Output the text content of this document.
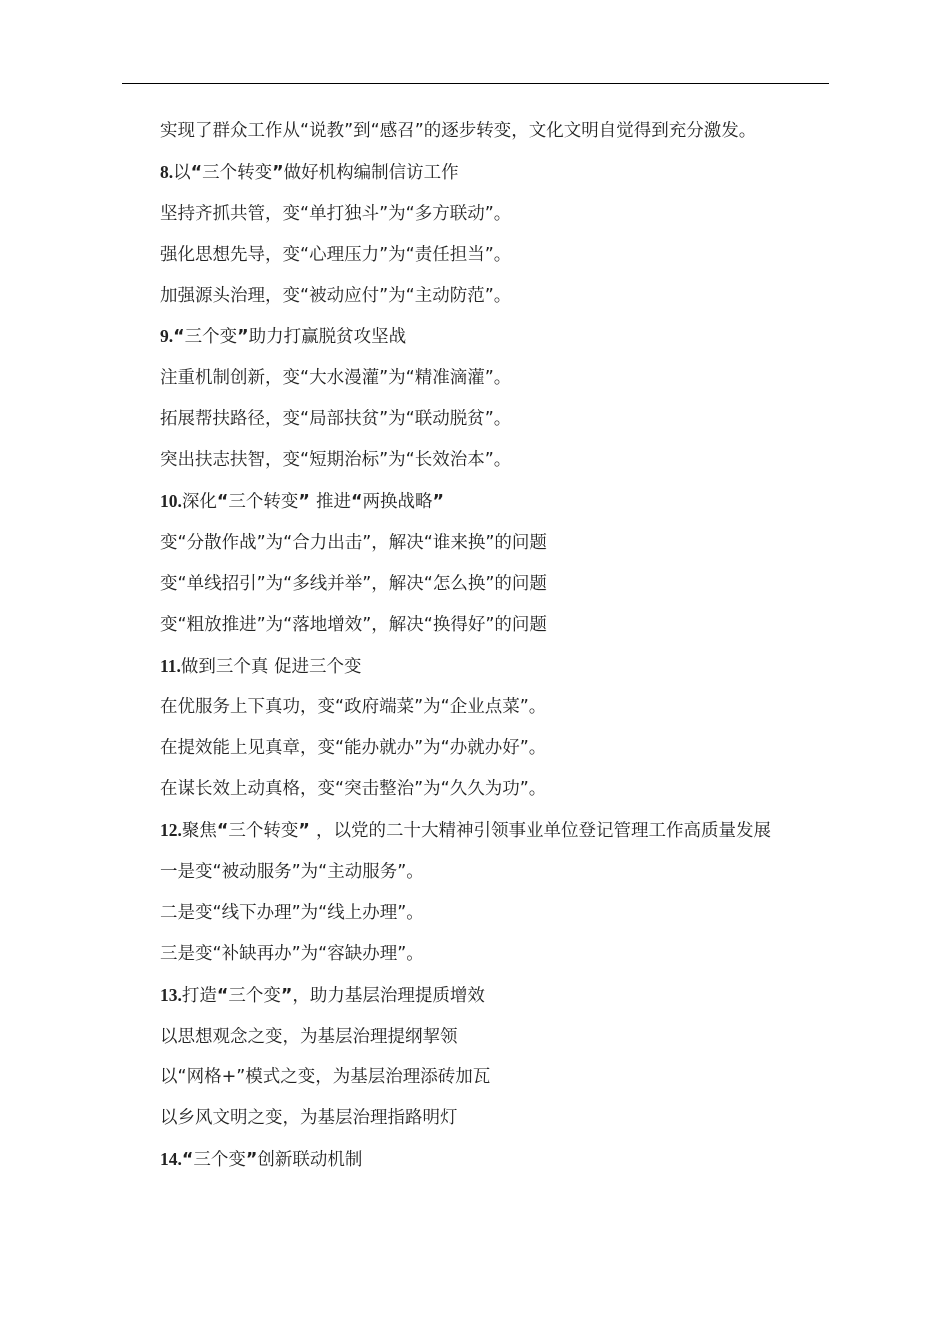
实现了群众工作从“说教”到“感召”的逐步转变，文化文明自觉得到充分激发。

8.以“三个转变”做好机构编制信访工作

坚持齐抓共管，变“单打独斗”为“多方联动”。

强化思想先导，变“心理压力”为“责任担当”。

加强源头治理，变“被动应付”为“主动防范”。

9.“三个变”助力打赢脱贫攻坚战

注重机制创新，变“大水漫灌”为“精准滴灌”。

拓展帮扶路径，变“局部扶贫”为“联动脱贫”。

突出扶志扶智，变“短期治标”为“长效治本”。

10.深化“三个转变” 推进“两换战略”

变“分散作战”为“合力出击”，解决“谁来换”的问题

变“单线招引”为“多线并举”，解决“怎么换”的问题

变“粗放推进”为“落地增效”，解决“换得好”的问题

11.做到三个真 促进三个变

在优服务上下真功，变“政府端菜”为“企业点菜”。

在提效能上见真章，变“能办就办”为“办就办好”。

在谋长效上动真格，变“突击整治”为“久久为功”。

12.聚焦“三个转变” ，以党的二十大精神引领事业单位登记管理工作高质量发展

一是变“被动服务”为“主动服务”。

二是变“线下办理”为“线上办理”。

三是变“补缺再办”为“容缺办理”。

13.打造“三个变”，助力基层治理提质增效

以思想观念之变，为基层治理提纲挈领

以“网格+”模式之变，为基层治理添砖加瓦

以乡风文明之变，为基层治理指路明灯

14.“三个变”创新联动机制
